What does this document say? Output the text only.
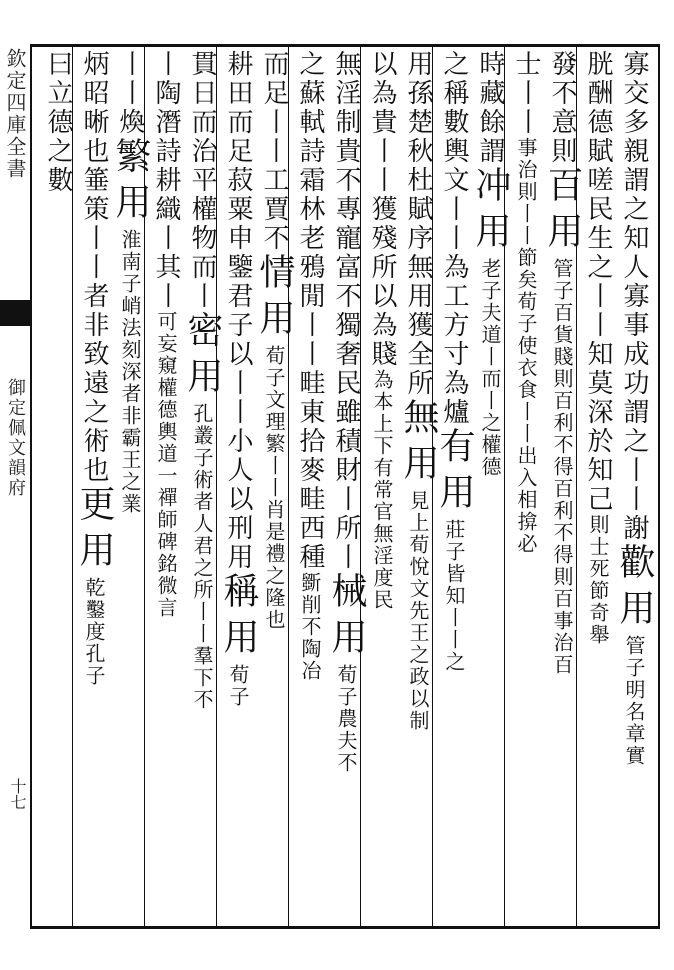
欽定四庫全書
御定佩文韻府
十七
寡交多親謂之知人寡事成功謂之丨丨謝歡用管子明名章實
胱酬德賦嗟民生之丨丨知莫深於知己則士死節奇舉
發不意則百用管子百貨賤則百利不得百利不得則百事治百
士丨丨事治則丨丨節矣荀子使衣食丨丨出入相揜必
時藏餘謂冲用老子夫道丨而丨之權德
之稱數輿文丨丨為工方寸為爐有用莊子皆知丨丨之
用孫楚秋杜賦序無用獲全所無用見上荀悅文先王之政以制
以為貴丨丨獲殘所以為賤為本上下有常官無淫度民
無淫制貴不專寵富不獨奢民雖積財丨所丨械用荀子農夫不
之蘇軾詩霜林老鴉閒丨丨畦東拾麥畦西種斵削不陶冶
而足丨丨工賈不情用荀子文理繁丨丨肖是禮之隆也
耕田而足菽粟申鑒君子以丨丨小人以刑用稱用荀子
貫日而治平權物而丨密用孔叢子術者人君之所丨丨羣下不
丨陶潛詩耕織丨其丨可妄窺權德輿道一禪師碑銘微言
丨丨煥繁用淮南子峭法刻深者非霸王之業
炳昭晰也箠策丨丨者非致遠之術也更用乾鑿度孔子
曰立德之數
